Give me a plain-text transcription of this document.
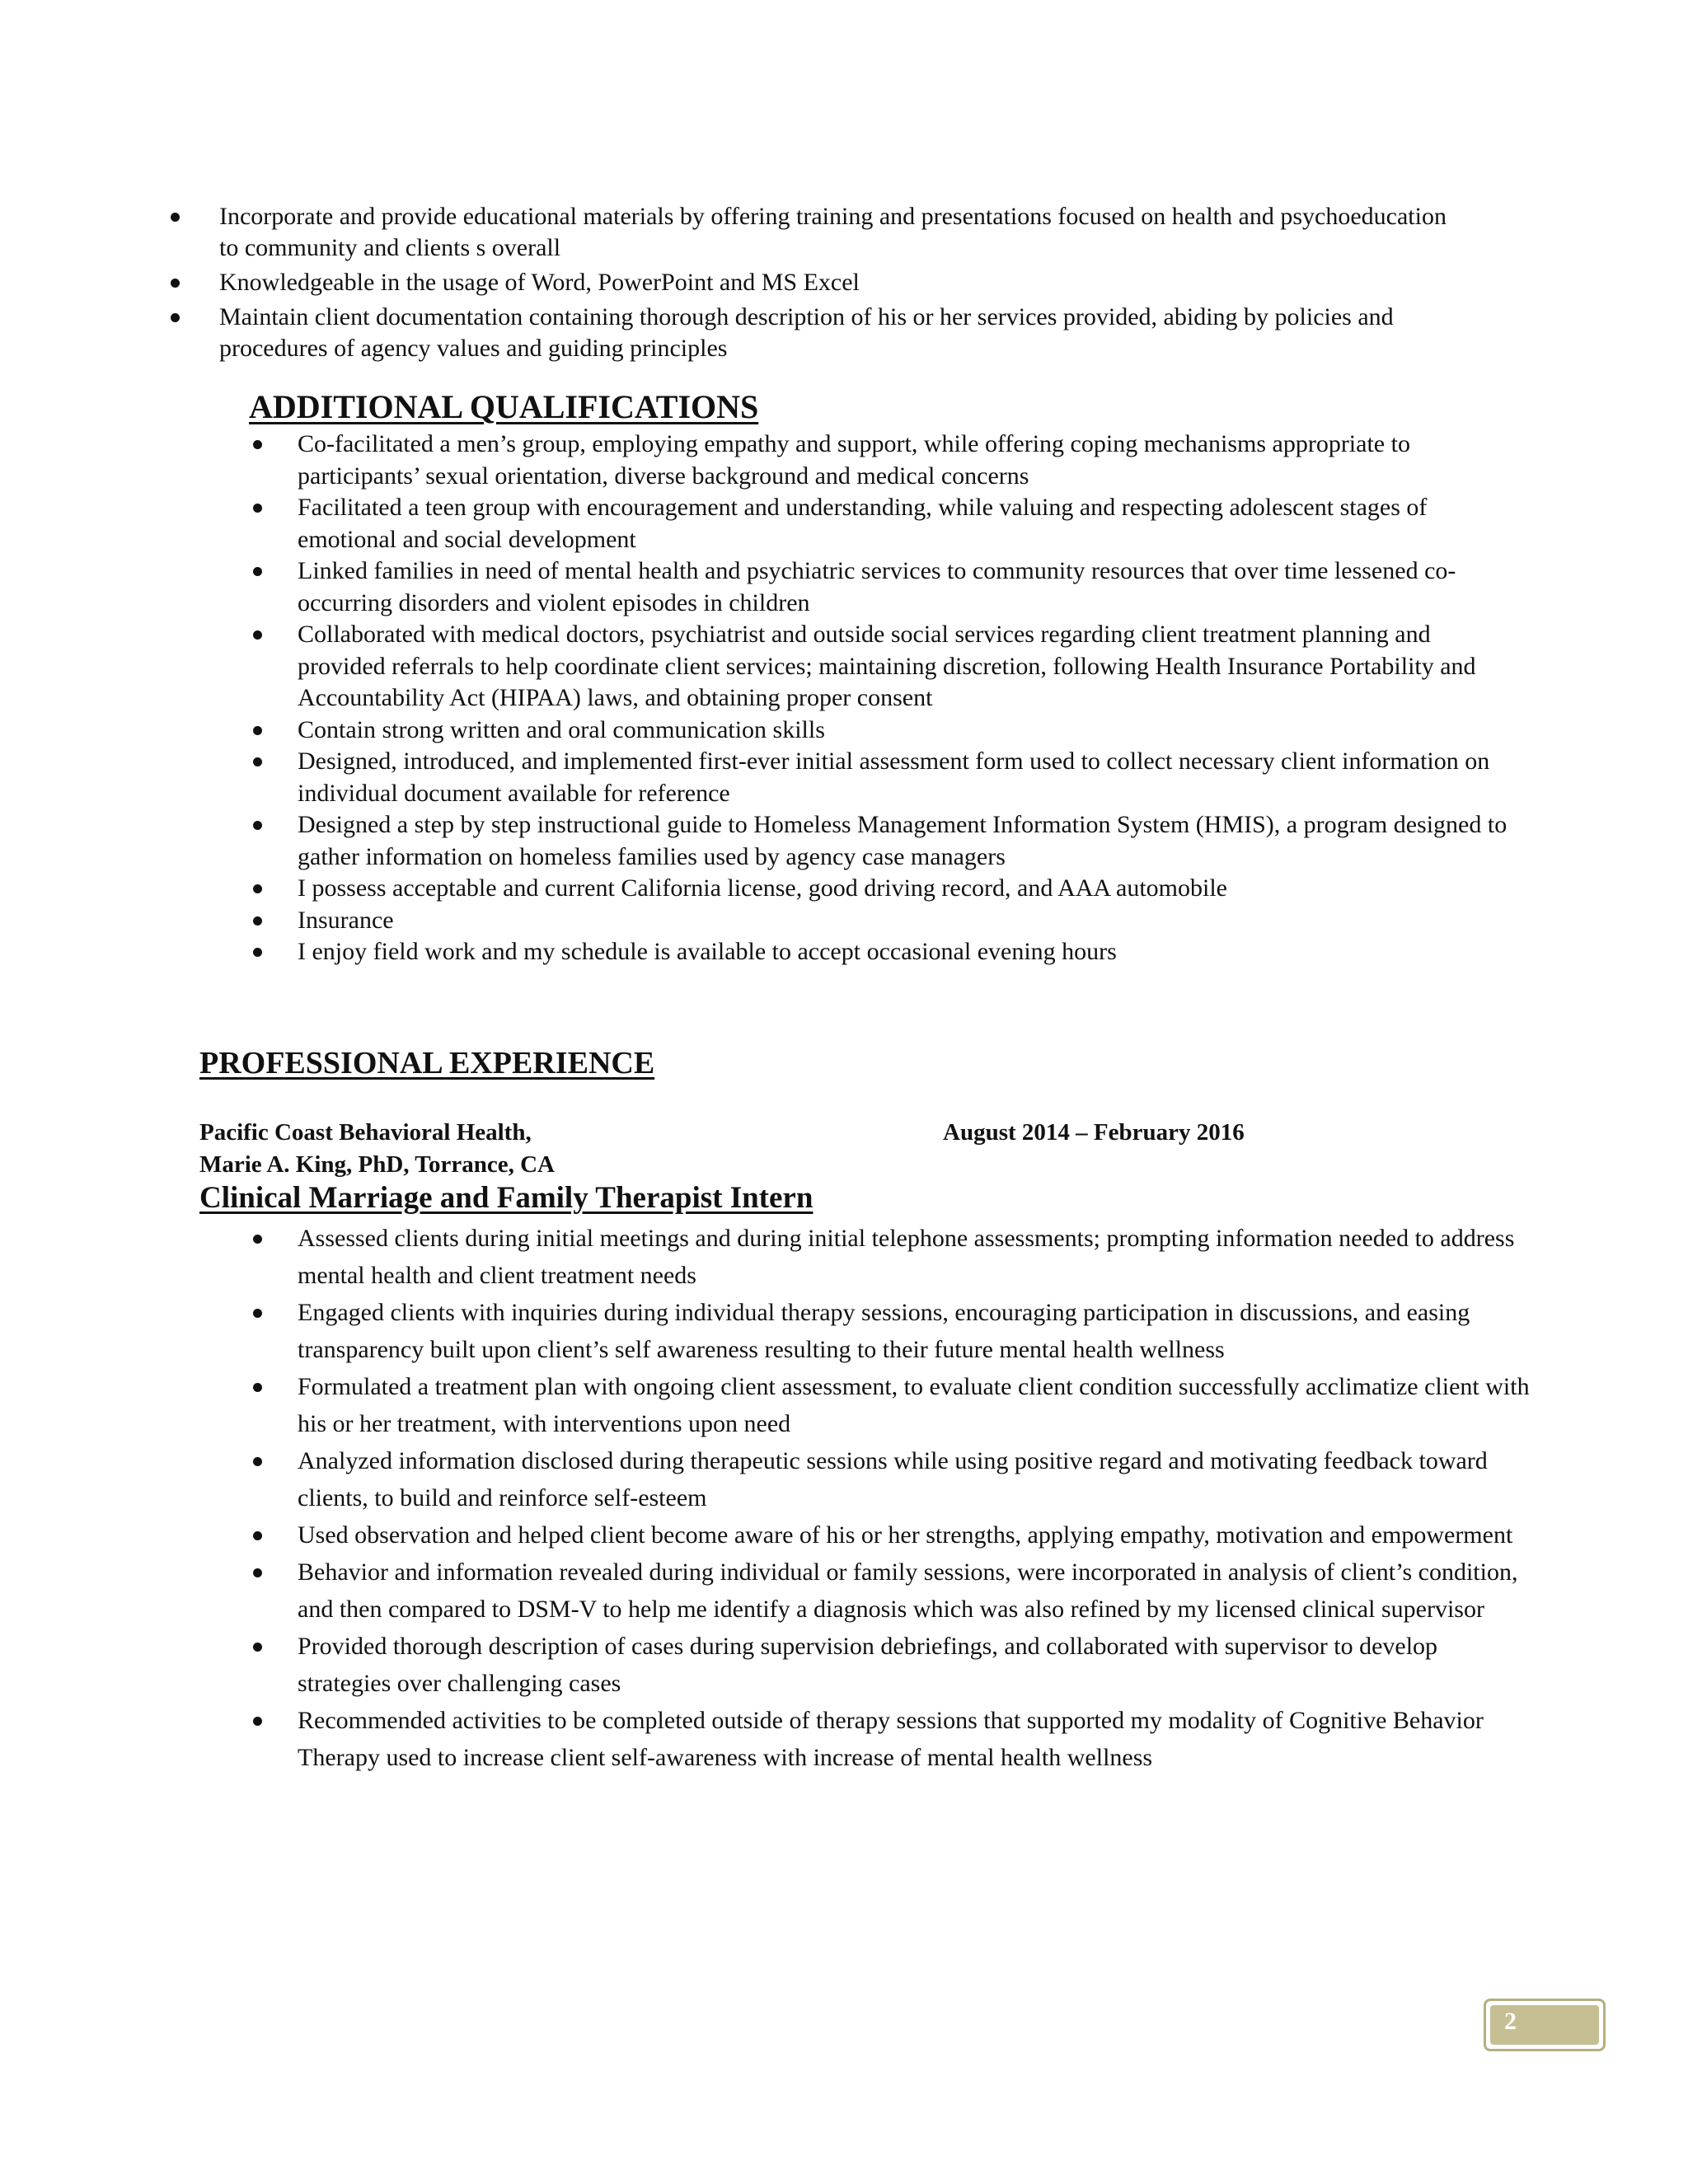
Incorporate and provide educational materials by offering training and presentations focused on health and psychoeducation to community and clients s overall
Knowledgeable in the usage of Word, PowerPoint and MS Excel
Maintain client documentation containing thorough description of his or her services provided, abiding by policies and procedures of agency values and guiding principles
ADDITIONAL QUALIFICATIONS
Co-facilitated a men’s group, employing empathy and support, while offering coping mechanisms appropriate to participants’ sexual orientation, diverse background and medical concerns
Facilitated a teen group with encouragement and understanding, while valuing and respecting adolescent stages of emotional and social development
Linked families in need of mental health and psychiatric services to community resources that over time lessened co-occurring disorders and violent episodes in children
Collaborated with medical doctors, psychiatrist and outside social services regarding client treatment planning and provided referrals to help coordinate client services; maintaining discretion, following Health Insurance Portability and Accountability Act (HIPAA) laws, and obtaining proper consent
Contain strong written and oral communication skills
Designed, introduced, and implemented first-ever initial assessment form used to collect necessary client information on individual document available for reference
Designed a step by step instructional guide to Homeless Management Information System (HMIS), a program designed to gather information on homeless families used by agency case managers
I possess acceptable and current California license, good driving record, and AAA automobile
Insurance
I enjoy field work and my schedule is available to accept occasional evening hours
PROFESSIONAL EXPERIENCE
Pacific Coast Behavioral Health,	August 2014 – February 2016
Marie A. King, PhD, Torrance, CA
Clinical Marriage and Family Therapist Intern
Assessed clients during initial meetings and during initial telephone assessments; prompting information needed to address mental health and client treatment needs
Engaged clients with inquiries during individual therapy sessions, encouraging participation in discussions, and easing transparency built upon client’s self awareness resulting to their future mental health wellness
Formulated a treatment plan with ongoing client assessment, to evaluate client condition successfully acclimatize client with his or her treatment, with interventions upon need
Analyzed information disclosed during therapeutic sessions while using positive regard and motivating feedback toward clients, to build and reinforce self-esteem
Used observation and helped client become aware of his or her strengths, applying empathy, motivation and empowerment
Behavior and information revealed during individual or family sessions, were incorporated in analysis of client’s condition, and then compared to DSM-V to help me identify a diagnosis which was also refined by my licensed clinical supervisor
Provided thorough description of cases during supervision debriefings, and collaborated with supervisor to develop strategies over challenging cases
Recommended activities to be completed outside of therapy sessions that supported my modality of Cognitive Behavior Therapy used to increase client self-awareness with increase of mental health wellness
2
